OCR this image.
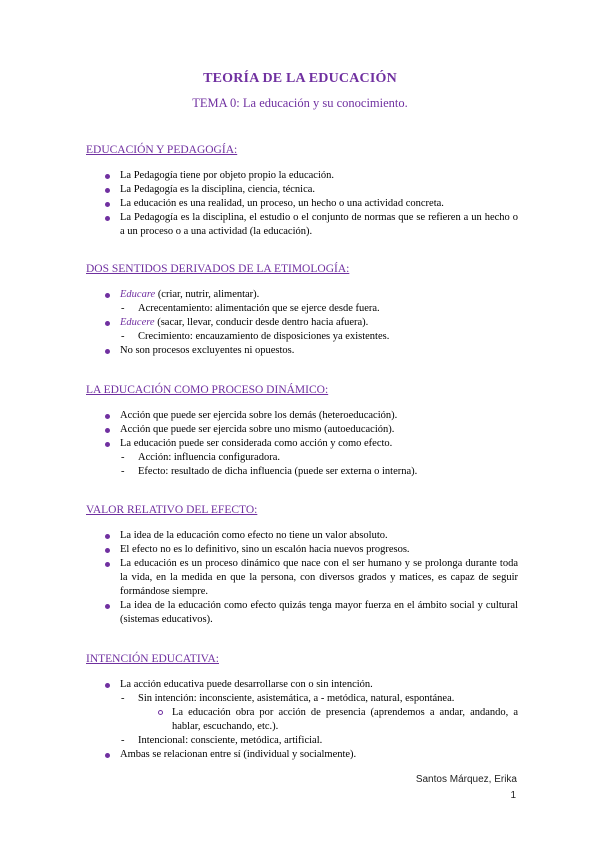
TEORÍA DE LA EDUCACIÓN
TEMA 0: La educación y su conocimiento.
EDUCACIÓN Y PEDAGOGÍA:
La Pedagogía tiene por objeto propio la educación.
La Pedagogía es la disciplina, ciencia, técnica.
La educación es una realidad, un proceso, un hecho o una actividad concreta.
La Pedagogía es la disciplina, el estudio o el conjunto de normas que se refieren a un hecho o a un proceso o a una actividad (la educación).
DOS SENTIDOS DERIVADOS DE LA ETIMOLOGÍA:
Educare (criar, nutrir, alimentar).
- Acrecentamiento: alimentación que se ejerce desde fuera.
Educere (sacar, llevar, conducir desde dentro hacia afuera).
- Crecimiento: encauzamiento de disposiciones ya existentes.
No son procesos excluyentes ni opuestos.
LA EDUCACIÓN COMO PROCESO DINÁMICO:
Acción que puede ser ejercida sobre los demás (heteroeducación).
Acción que puede ser ejercida sobre uno mismo (autoeducación).
La educación puede ser considerada como acción y como efecto.
- Acción: influencia configuradora.
- Efecto: resultado de dicha influencia (puede ser externa o interna).
VALOR RELATIVO DEL EFECTO:
La idea de la educación como efecto no tiene un valor absoluto.
El efecto no es lo definitivo, sino un escalón hacia nuevos progresos.
La educación es un proceso dinámico que nace con el ser humano y se prolonga durante toda la vida, en la medida en que la persona, con diversos grados y matices, es capaz de seguir formándose siempre.
La idea de la educación como efecto quizás tenga mayor fuerza en el ámbito social y cultural (sistemas educativos).
INTENCIÓN EDUCATIVA:
La acción educativa puede desarrollarse con o sin intención.
- Sin intención: inconsciente, asistemática, a - metódica, natural, espontánea.
La educación obra por acción de presencia (aprendemos a andar, andando, a hablar, escuchando, etc.).
- Intencional: consciente, metódica, artificial.
Ambas se relacionan entre sí (individual y socialmente).
Santos Márquez, Erika
1
